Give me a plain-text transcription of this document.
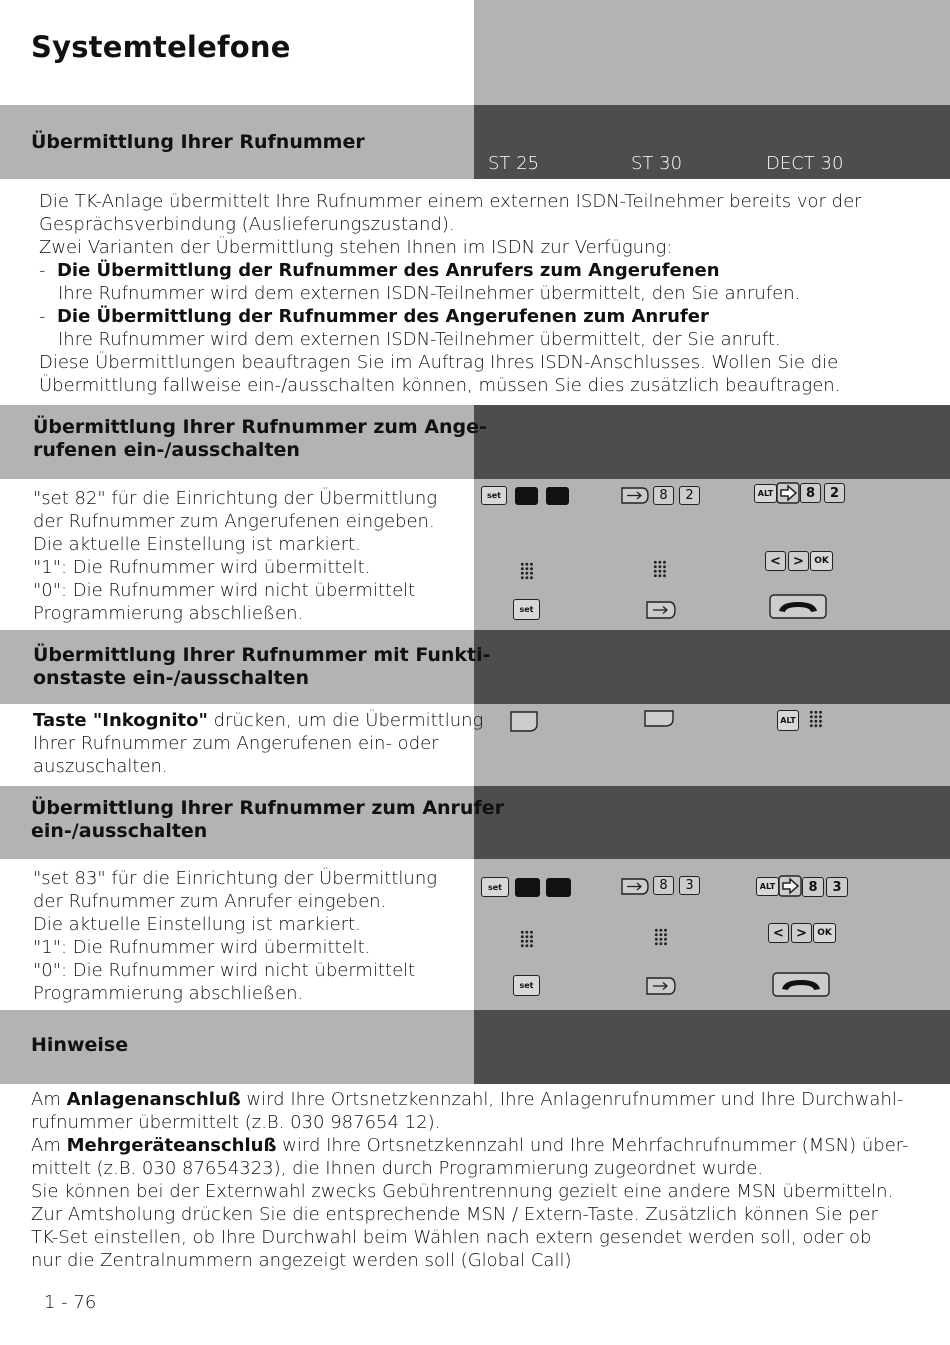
Systemtelefone
Übermittlung Ihrer Rufnummer
ST 25	ST 30	DECT 30
Die TK-Anlage übermittelt Ihre Rufnummer einem externen ISDN-Teilnehmer bereits vor der
Gesprächsverbindung (Auslieferungszustand).
Zwei Varianten der Übermittlung stehen Ihnen im ISDN zur Verfügung:
- Die Übermittlung der Rufnummer des Anrufers zum Angerufenen
Ihre Rufnummer wird dem externen ISDN-Teilnehmer übermittelt, den Sie anrufen.
- Die Übermittlung der Rufnummer des Angerufenen zum Anrufer
Ihre Rufnummer wird dem externen ISDN-Teilnehmer übermittelt, der Sie anruft.
Diese Übermittlungen beauftragen Sie im Auftrag Ihres ISDN-Anschlusses. Wollen Sie die
Übermittlung fallweise ein-/ausschalten können, müssen Sie dies zusätzlich beauftragen.
Übermittlung Ihrer Rufnummer zum Ange-
rufenen ein-/ausschalten
"set 82" für die Einrichtung der Übermittlung
der Rufnummer zum Angerufenen eingeben.
Die aktuelle Einstellung ist markiert.
"1": Die Rufnummer wird übermittelt.
"0": Die Rufnummer wird nicht übermittelt
Programmierung abschließen.
set	8	2	ALT	8	2
< >	OK
set
Übermittlung Ihrer Rufnummer mit Funkti-
onstaste ein-/ausschalten
Taste "Inkognito" drücken, um die Übermittlung
Ihrer Rufnummer zum Angerufenen ein- oder
auszuschalten.
ALT
Übermittlung Ihrer Rufnummer zum Anrufer
ein-/ausschalten
"set 83" für die Einrichtung der Übermittlung
der Rufnummer zum Anrufer eingeben.
Die aktuelle Einstellung ist markiert.
"1": Die Rufnummer wird übermittelt.
"0": Die Rufnummer wird nicht übermittelt
Programmierung abschließen.
set	8	3	ALT	8	3
< >	OK
set
Hinweise
Am Anlagenanschluß wird Ihre Ortsnetzkennzahl, Ihre Anlagenrufnummer und Ihre Durchwahl-
rufnummer übermittelt (z.B. 030 987654 12).
Am Mehrgeräteanschluß wird Ihre Ortsnetzkennzahl und Ihre Mehrfachrufnummer (MSN) über-
mittelt (z.B. 030 87654323), die Ihnen durch Programmierung zugeordnet wurde.
Sie können bei der Externwahl zwecks Gebührentrennung gezielt eine andere MSN übermitteln.
Zur Amtsholung drücken Sie die entsprechende MSN / Extern-Taste. Zusätzlich können Sie per
TK-Set einstellen, ob Ihre Durchwahl beim Wählen nach extern gesendet werden soll, oder ob
nur die Zentralnummern angezeigt werden soll (Global Call)
1 - 76
